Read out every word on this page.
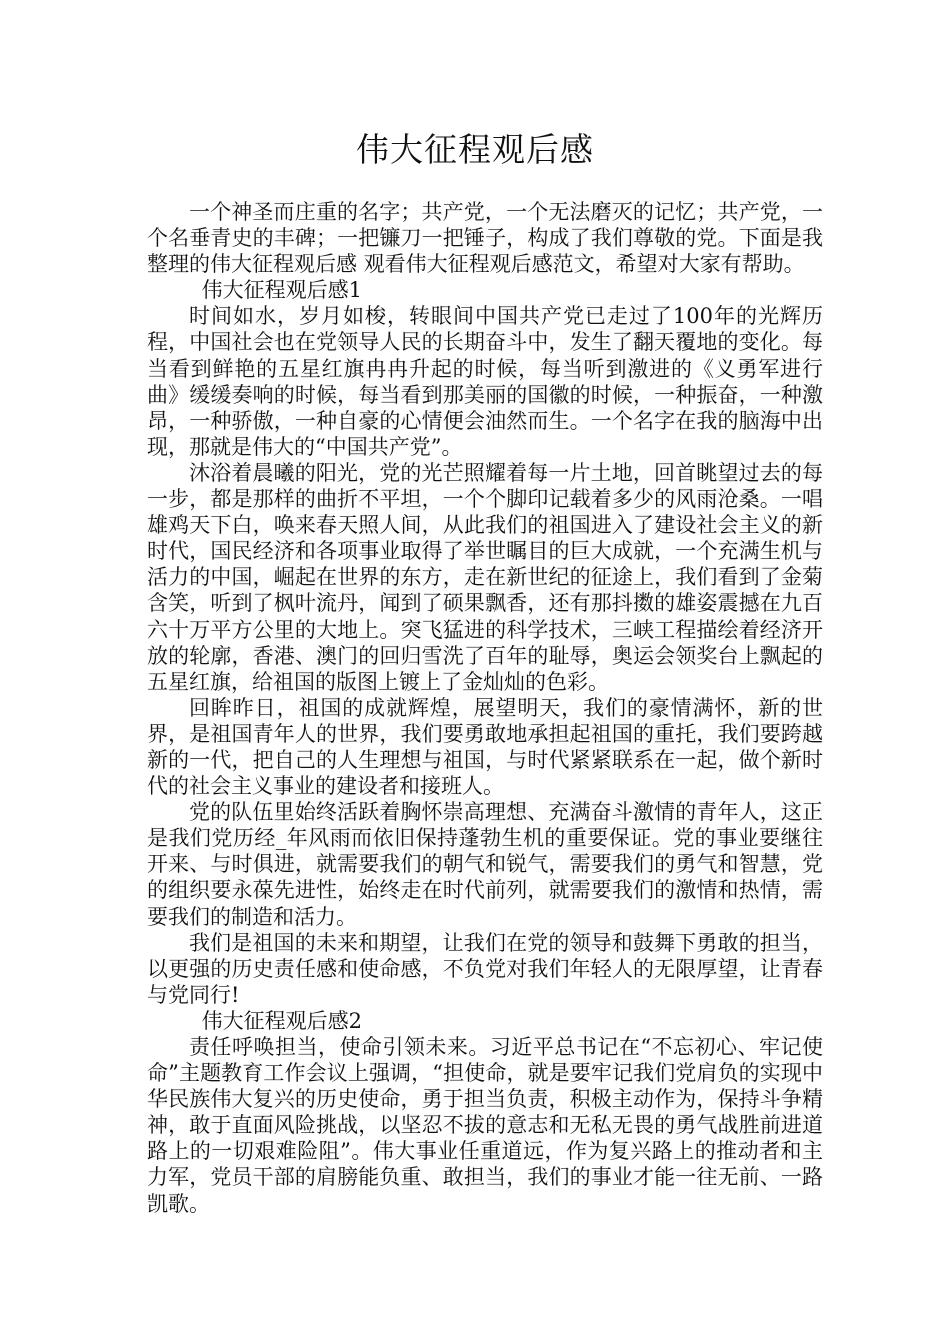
伟大征程观后感

一个神圣而庄重的名字；共产党，一个无法磨灭的记忆；共产党，一个名垂青史的丰碑；一把镰刀一把锤子，构成了我们尊敬的党。下面是我整理的伟大征程观后感 观看伟大征程观后感范文，希望对大家有帮助。

伟大征程观后感1

时间如水，岁月如梭，转眼间中国共产党已走过了100年的光辉历程，中国社会也在党领导人民的长期奋斗中，发生了翻天覆地的变化。每当看到鲜艳的五星红旗冉冉升起的时候，每当听到激进的《义勇军进行曲》缓缓奏响的时候，每当看到那美丽的国徽的时候，一种振奋，一种激昂，一种骄傲，一种自豪的心情便会油然而生。一个名字在我的脑海中出现，那就是伟大的“中国共产党”。

沐浴着晨曦的阳光，党的光芒照耀着每一片土地，回首眺望过去的每一步，都是那样的曲折不平坦，一个个脚印记载着多少的风雨沧桑。一唱雄鸡天下白，唤来春天照人间，从此我们的祖国进入了建设社会主义的新时代，国民经济和各项事业取得了举世瞩目的巨大成就，一个充满生机与活力的中国，崛起在世界的东方，走在新世纪的征途上，我们看到了金菊含笑，听到了枫叶流丹，闻到了硕果飘香，还有那抖擞的雄姿震撼在九百六十万平方公里的大地上。突飞猛进的科学技术，三峡工程描绘着经济开放的轮廓，香港、澳门的回归雪洗了百年的耻辱，奥运会领奖台上飘起的五星红旗，给祖国的版图上镀上了金灿灿的色彩。

回眸昨日，祖国的成就辉煌，展望明天，我们的豪情满怀，新的世界，是祖国青年人的世界，我们要勇敢地承担起祖国的重托，我们要跨越新的一代，把自己的人生理想与祖国，与时代紧紧联系在一起，做个新时代的社会主义事业的建设者和接班人。

党的队伍里始终活跃着胸怀崇高理想、充满奋斗激情的青年人，这正是我们党历经_年风雨而依旧保持蓬勃生机的重要保证。党的事业要继往开来、与时俱进，就需要我们的朝气和锐气，需要我们的勇气和智慧，党的组织要永葆先进性，始终走在时代前列，就需要我们的激情和热情，需要我们的制造和活力。

我们是祖国的未来和期望，让我们在党的领导和鼓舞下勇敢的担当，以更强的历史责任感和使命感，不负党对我们年轻人的无限厚望，让青春与党同行!

伟大征程观后感2

责任呼唤担当，使命引领未来。习近平总书记在“不忘初心、牢记使命”主题教育工作会议上强调，“担使命，就是要牢记我们党肩负的实现中华民族伟大复兴的历史使命，勇于担当负责，积极主动作为，保持斗争精神，敢于直面风险挑战，以坚忍不拔的意志和无私无畏的勇气战胜前进道路上的一切艰难险阻”。伟大事业任重道远，作为复兴路上的推动者和主力军，党员干部的肩膀能负重、敢担当，我们的事业才能一往无前、一路凯歌。
